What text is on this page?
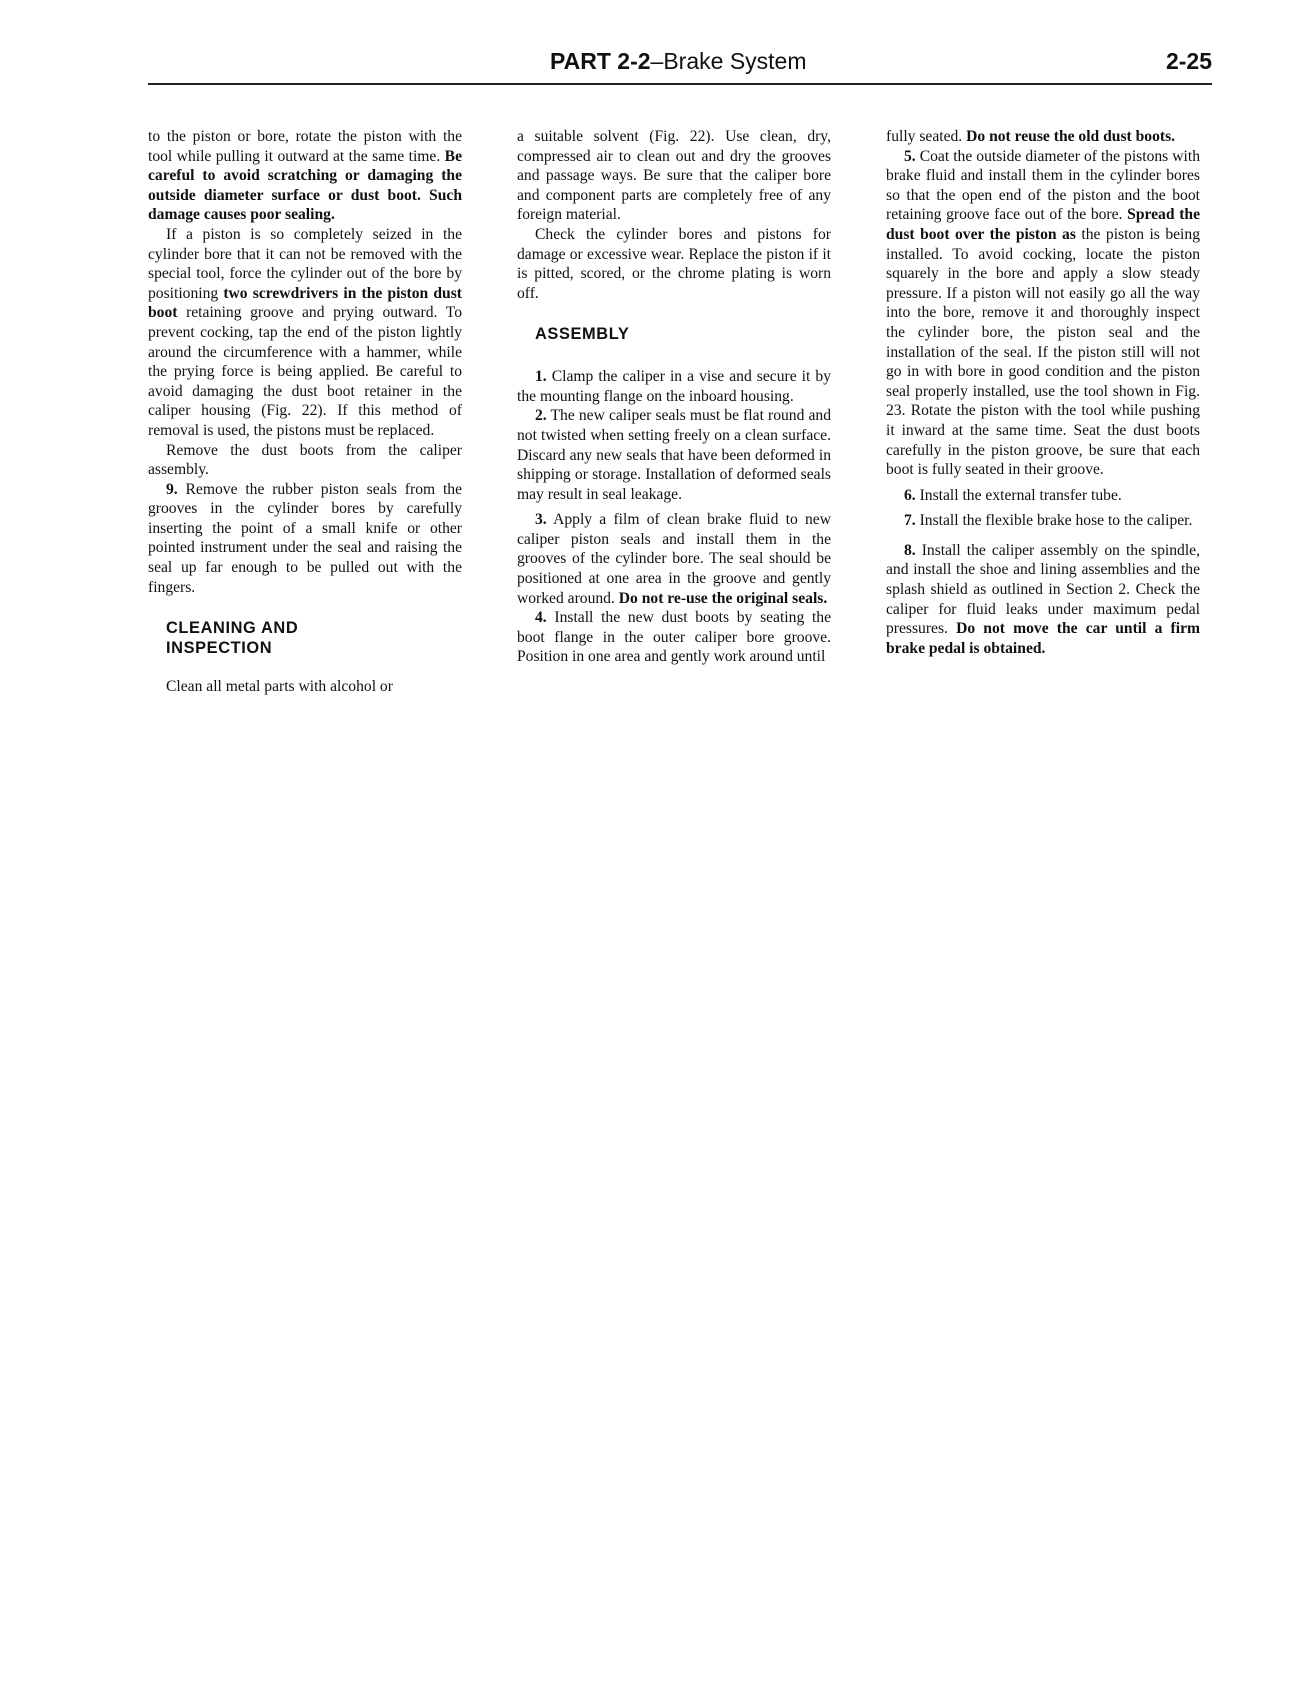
PART 2-2–Brake System	2-25

to the piston or bore, rotate the piston with the tool while pulling it outward at the same time. Be careful to avoid scratching or damaging the outside diameter surface or dust boot. Such damage causes poor sealing.

If a piston is so completely seized in the cylinder bore that it can not be removed with the special tool, force the cylinder out of the bore by positioning two screwdrivers in the piston dust boot retaining groove and prying outward. To prevent cocking, tap the end of the piston lightly around the circumference with a hammer, while the prying force is being applied. Be careful to avoid damaging the dust boot retainer in the caliper housing (Fig. 22). If this method of removal is used, the pistons must be replaced.

Remove the dust boots from the caliper assembly.

9. Remove the rubber piston seals from the grooves in the cylinder bores by carefully inserting the point of a small knife or other pointed instrument under the seal and raising the seal up far enough to be pulled out with the fingers.

CLEANING AND
INSPECTION

Clean all metal parts with alcohol or

a suitable solvent (Fig. 22). Use clean, dry, compressed air to clean out and dry the grooves and passage ways. Be sure that the caliper bore and component parts are completely free of any foreign material.

Check the cylinder bores and pistons for damage or excessive wear. Replace the piston if it is pitted, scored, or the chrome plating is worn off.

ASSEMBLY

1. Clamp the caliper in a vise and secure it by the mounting flange on the inboard housing.

2. The new caliper seals must be flat round and not twisted when setting freely on a clean surface. Discard any new seals that have been deformed in shipping or storage. Installation of deformed seals may result in seal leakage.

3. Apply a film of clean brake fluid to new caliper piston seals and install them in the grooves of the cylinder bore. The seal should be positioned at one area in the groove and gently worked around. Do not re-use the original seals.

4. Install the new dust boots by seating the boot flange in the outer caliper bore groove. Position in one area and gently work around until

fully seated. Do not reuse the old dust boots.

5. Coat the outside diameter of the pistons with brake fluid and install them in the cylinder bores so that the open end of the piston and the boot retaining groove face out of the bore. Spread the dust boot over the piston as the piston is being installed. To avoid cocking, locate the piston squarely in the bore and apply a slow steady pressure. If a piston will not easily go all the way into the bore, remove it and thoroughly inspect the cylinder bore, the piston seal and the installation of the seal. If the piston still will not go in with bore in good condition and the piston seal properly installed, use the tool shown in Fig. 23. Rotate the piston with the tool while pushing it inward at the same time. Seat the dust boots carefully in the piston groove, be sure that each boot is fully seated in their groove.

6. Install the external transfer tube.

7. Install the flexible brake hose to the caliper.

8. Install the caliper assembly on the spindle, and install the shoe and lining assemblies and the splash shield as outlined in Section 2. Check the caliper for fluid leaks under maximum pedal pressures. Do not move the car until a firm brake pedal is obtained.
